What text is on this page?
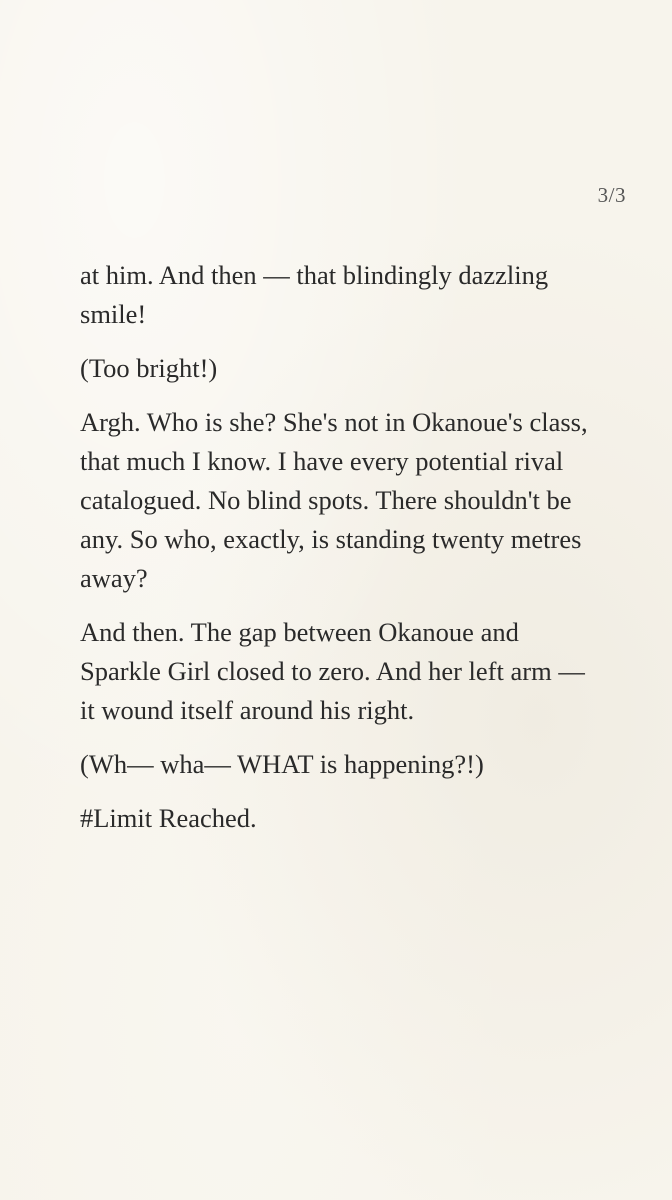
3/3

at him. And then — that blindingly dazzling smile!

(Too bright!)

Argh. Who is she? She's not in Okanoue's class, that much I know. I have every potential rival catalogued. No blind spots. There shouldn't be any. So who, exactly, is standing twenty metres away?

And then. The gap between Okanoue and Sparkle Girl closed to zero. And her left arm — it wound itself around his right.

(Wh— wha— WHAT is happening?!)

#Limit Reached.
